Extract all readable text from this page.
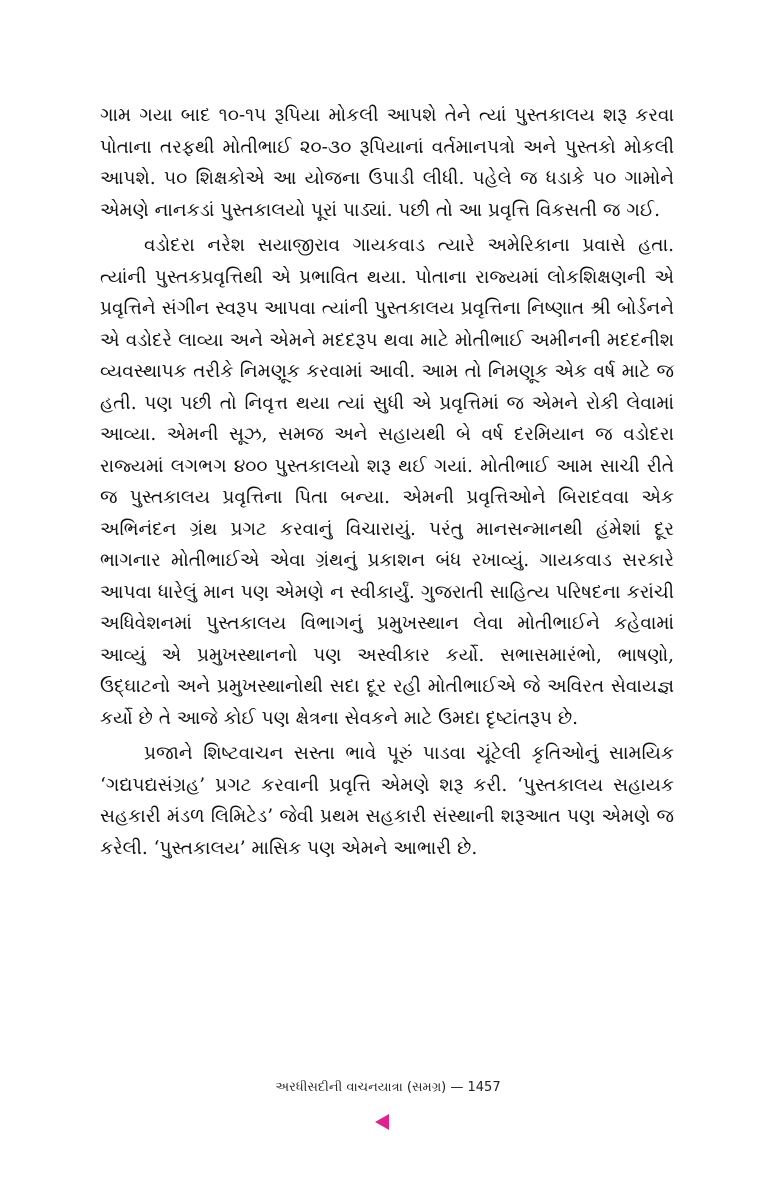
ગામ ગયા બાદ ૧૦-૧૫ રૂપિયા મોકલી આપશે તેને ત્યાં પુસ્તકાલય શરૂ કરવા પોતાના તરફથી મોતીભાઈ ૨૦-૩૦ રૂપિયાનાં વર્તમાનપત્રો અને પુસ્તકો મોકલી આપશે. ૫૦ શિક્ષકોએ આ યોજના ઉપાડી લીધી. પહેલે જ ધડાકે ૫૦ ગામોને એમણે નાનકડાં પુસ્તકાલયો પૂરાં પાડ્યાં. પછી તો આ પ્રવૃત્તિ વિકસતી જ ગઈ.

વડોદરા નરેશ સયાજીરાવ ગાયકવાડ ત્યારે અમેરિકાના પ્રવાસે હતા. ત્યાંની પુસ્તકપ્રવૃત્તિથી એ પ્રભાવિત થયા. પોતાના રાજ્યમાં લોકશિક્ષણની એ પ્રવૃત્તિને સંગીન સ્વરૂપ આપવા ત્યાંની પુસ્તકાલય પ્રવૃત્તિના નિષ્ણાત શ્રી બોર્ડનને એ વડોદરે લાવ્યા અને એમને મદદરૂપ થવા માટે મોતીભાઈ અમીનની મદદનીશ વ્યવસ્થાપક તરીકે નિમણૂક કરવામાં આવી. આમ તો નિમણૂક એક વર્ષ માટે જ હતી. પણ પછી તો નિવૃત્ત થયા ત્યાં સુધી એ પ્રવૃત્તિમાં જ એમને રોકી લેવામાં આવ્યા. એમની સૂઝ, સમજ અને સહાયથી બે વર્ષ દરમિયાન જ વડોદરા રાજ્યમાં લગભગ ૪૦૦ પુસ્તકાલયો શરૂ થઈ ગયાં. મોતીભાઈ આમ સાચી રીતે જ પુસ્તકાલય પ્રવૃત્તિના પિતા બન્યા. એમની પ્રવૃત્તિઓને બિરાદવવા એક અભિનંદન ગ્રંથ પ્રગટ કરવાનું વિચારાયું. પરંતુ માનસન્માનથી હંમેશાં દૂર ભાગનાર મોતીભાઈએ એવા ગ્રંથનું પ્રકાશન બંધ રખાવ્યું. ગાયકવાડ સરકારે આપવા ધારેલું માન પણ એમણે ન સ્વીકાર્યું. ગુજરાતી સાહિત્ય પરિષદના કરાંચી અધિવેશનમાં પુસ્તકાલય વિભાગનું પ્રમુખસ્થાન લેવા મોતીભાઈને કહેવામાં આવ્યું એ પ્રમુખસ્થાનનો પણ અસ્વીકાર કર્યો. સભાસમારંભો, ભાષણો, ઉદ્ઘાટનો અને પ્રમુખસ્થાનોથી સદા દૂર રહી મોતીભાઈએ જે અવિરત સેવાયજ્ઞ કર્યો છે તે આજે કોઈ પણ ક્ષેત્રના સેવકને માટે ઉમદા દૃષ્ટાંતરૂપ છે.

પ્રજાને શિષ્ટવાચન સસ્તા ભાવે પૂરું પાડવા ચૂંટેલી કૃતિઓનું સામયિક ‘ગદ્યપદ્યસંગ્રહ’ પ્રગટ કરવાની પ્રવૃત્તિ એમણે શરૂ કરી. ‘પુસ્તકાલય સહાયક સહકારી મંડળ લિમિટેડ’ જેવી પ્રથમ સહકારી સંસ્થાની શરૂઆત પણ એમણે જ કરેલી. ‘પુસ્તકાલય’ માસિક પણ એમને આભારી છે.

અરધીસદીની વાચનયાત્રા (સમગ્ર) — 1457
